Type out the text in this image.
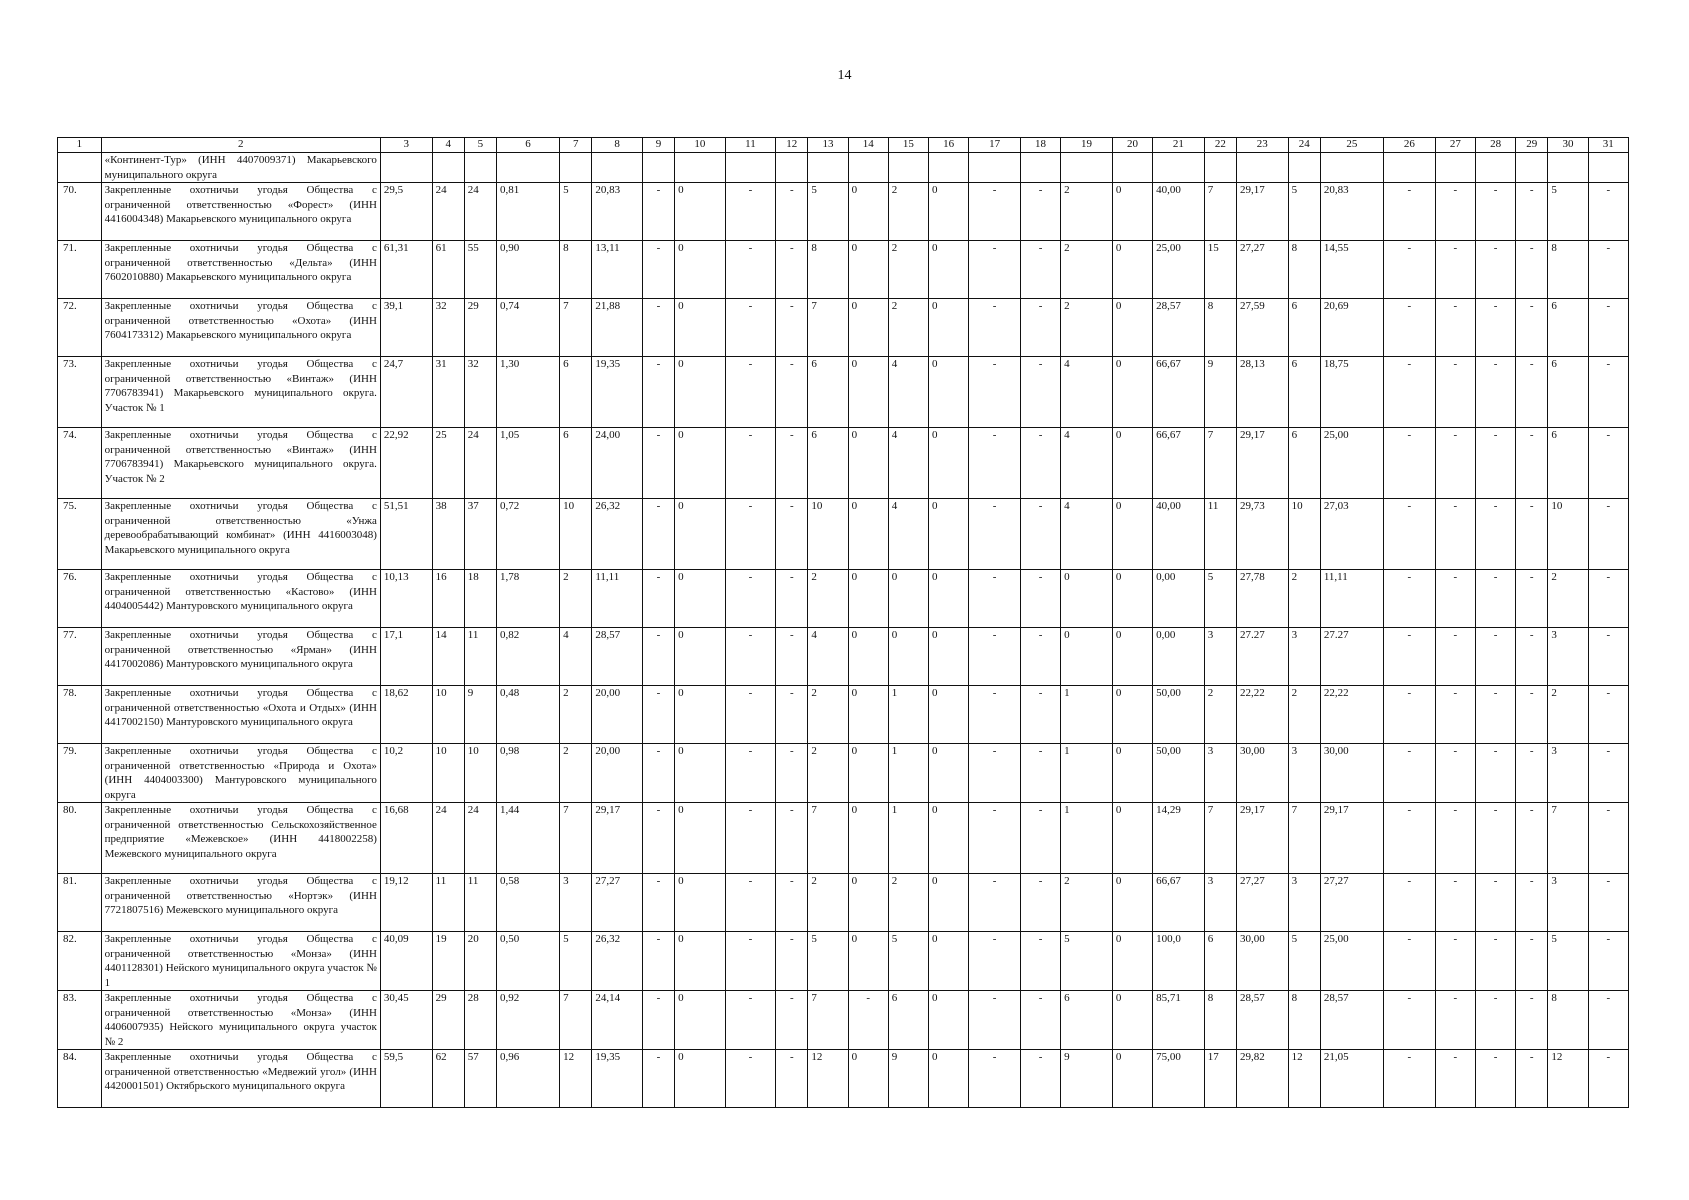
14
1	2	3	4	5	6	7	8	9	10	11	12	13	14	15	16	17	18	19	20	21	22	23	24	25	26	27	28	29	30	31
	«Континент-Тур» (ИНН 4407009371) Макарьевского муниципального округа																													
70.	Закрепленные охотничьи угодья Общества с ограниченной ответственностью «Форест» (ИНН 4416004348) Макарьевского муниципального округа	29,5	24	24	0,81	5	20,83	-	0	-	-	5	0	2	0	-	-	2	0	40,00	7	29,17	5	20,83	-	-	-	-	5	-
71.	Закрепленные охотничьи угодья Общества с ограниченной ответственностью «Дельта» (ИНН 7602010880) Макарьевского муниципального округа	61,31	61	55	0,90	8	13,11	-	0	-	-	8	0	2	0	-	-	2	0	25,00	15	27,27	8	14,55	-	-	-	-	8	-
72.	Закрепленные охотничьи угодья Общества с ограниченной ответственностью «Охота» (ИНН 7604173312) Макарьевского муниципального округа	39,1	32	29	0,74	7	21,88	-	0	-	-	7	0	2	0	-	-	2	0	28,57	8	27,59	6	20,69	-	-	-	-	6	-
73.	Закрепленные охотничьи угодья Общества с ограниченной ответственностью «Винтаж» (ИНН 7706783941) Макарьевского муниципального округа. Участок № 1	24,7	31	32	1,30	6	19,35	-	0	-	-	6	0	4	0	-	-	4	0	66,67	9	28,13	6	18,75	-	-	-	-	6	-
74.	Закрепленные охотничьи угодья Общества с ограниченной ответственностью «Винтаж» (ИНН 7706783941) Макарьевского муниципального округа. Участок № 2	22,92	25	24	1,05	6	24,00	-	0	-	-	6	0	4	0	-	-	4	0	66,67	7	29,17	6	25,00	-	-	-	-	6	-
75.	Закрепленные охотничьи угодья Общества с ограниченной ответственностью «Унжа деревообрабатывающий комбинат» (ИНН 4416003048) Макарьевского муниципального округа	51,51	38	37	0,72	10	26,32	-	0	-	-	10	0	4	0	-	-	4	0	40,00	11	29,73	10	27,03	-	-	-	-	10	-
76.	Закрепленные охотничьи угодья Общества с ограниченной ответственностью «Кастово» (ИНН 4404005442) Мантуровского муниципального округа	10,13	16	18	1,78	2	11,11	-	0	-	-	2	0	0	0	-	-	0	0	0,00	5	27,78	2	11,11	-	-	-	-	2	-
77.	Закрепленные охотничьи угодья Общества с ограниченной ответственностью «Ярман» (ИНН 4417002086) Мантуровского муниципального округа	17,1	14	11	0,82	4	28,57	-	0	-	-	4	0	0	0	-	-	0	0	0,00	3	27.27	3	27.27	-	-	-	-	3	-
78.	Закрепленные охотничьи угодья Общества с ограниченной ответственностью «Охота и Отдых» (ИНН 4417002150) Мантуровского муниципального округа	18,62	10	9	0,48	2	20,00	-	0	-	-	2	0	1	0	-	-	1	0	50,00	2	22,22	2	22,22	-	-	-	-	2	-
79.	Закрепленные охотничьи угодья Общества с ограниченной ответственностью «Природа и Охота» (ИНН 4404003300) Мантуровского муниципального округа	10,2	10	10	0,98	2	20,00	-	0	-	-	2	0	1	0	-	-	1	0	50,00	3	30,00	3	30,00	-	-	-	-	3	-
80.	Закрепленные охотничьи угодья Общества с ограниченной ответственностью Сельскохозяйственное предприятие «Межевское» (ИНН 4418002258) Межевского муниципального округа	16,68	24	24	1,44	7	29,17	-	0	-	-	7	0	1	0	-	-	1	0	14,29	7	29,17	7	29,17	-	-	-	-	7	-
81.	Закрепленные охотничьи угодья Общества с ограниченной ответственностью «Нортэк» (ИНН 7721807516) Межевского муниципального округа	19,12	11	11	0,58	3	27,27	-	0	-	-	2	0	2	0	-	-	2	0	66,67	3	27,27	3	27,27	-	-	-	-	3	-
82.	Закрепленные охотничьи угодья Общества с ограниченной ответственностью «Монза» (ИНН 4401128301) Нейского муниципального округа участок № 1	40,09	19	20	0,50	5	26,32	-	0	-	-	5	0	5	0	-	-	5	0	100,0	6	30,00	5	25,00	-	-	-	-	5	-
83.	Закрепленные охотничьи угодья Общества с ограниченной ответственностью «Монза» (ИНН 4406007935) Нейского муниципального округа участок № 2	30,45	29	28	0,92	7	24,14	-	0	-	-	7	-	6	0	-	-	6	0	85,71	8	28,57	8	28,57	-	-	-	-	8	-
84.	Закрепленные охотничьи угодья Общества с ограниченной ответственностью «Медвежий угол» (ИНН 4420001501) Октябрьского муниципального округа	59,5	62	57	0,96	12	19,35	-	0	-	-	12	0	9	0	-	-	9	0	75,00	17	29,82	12	21,05	-	-	-	-	12	-
